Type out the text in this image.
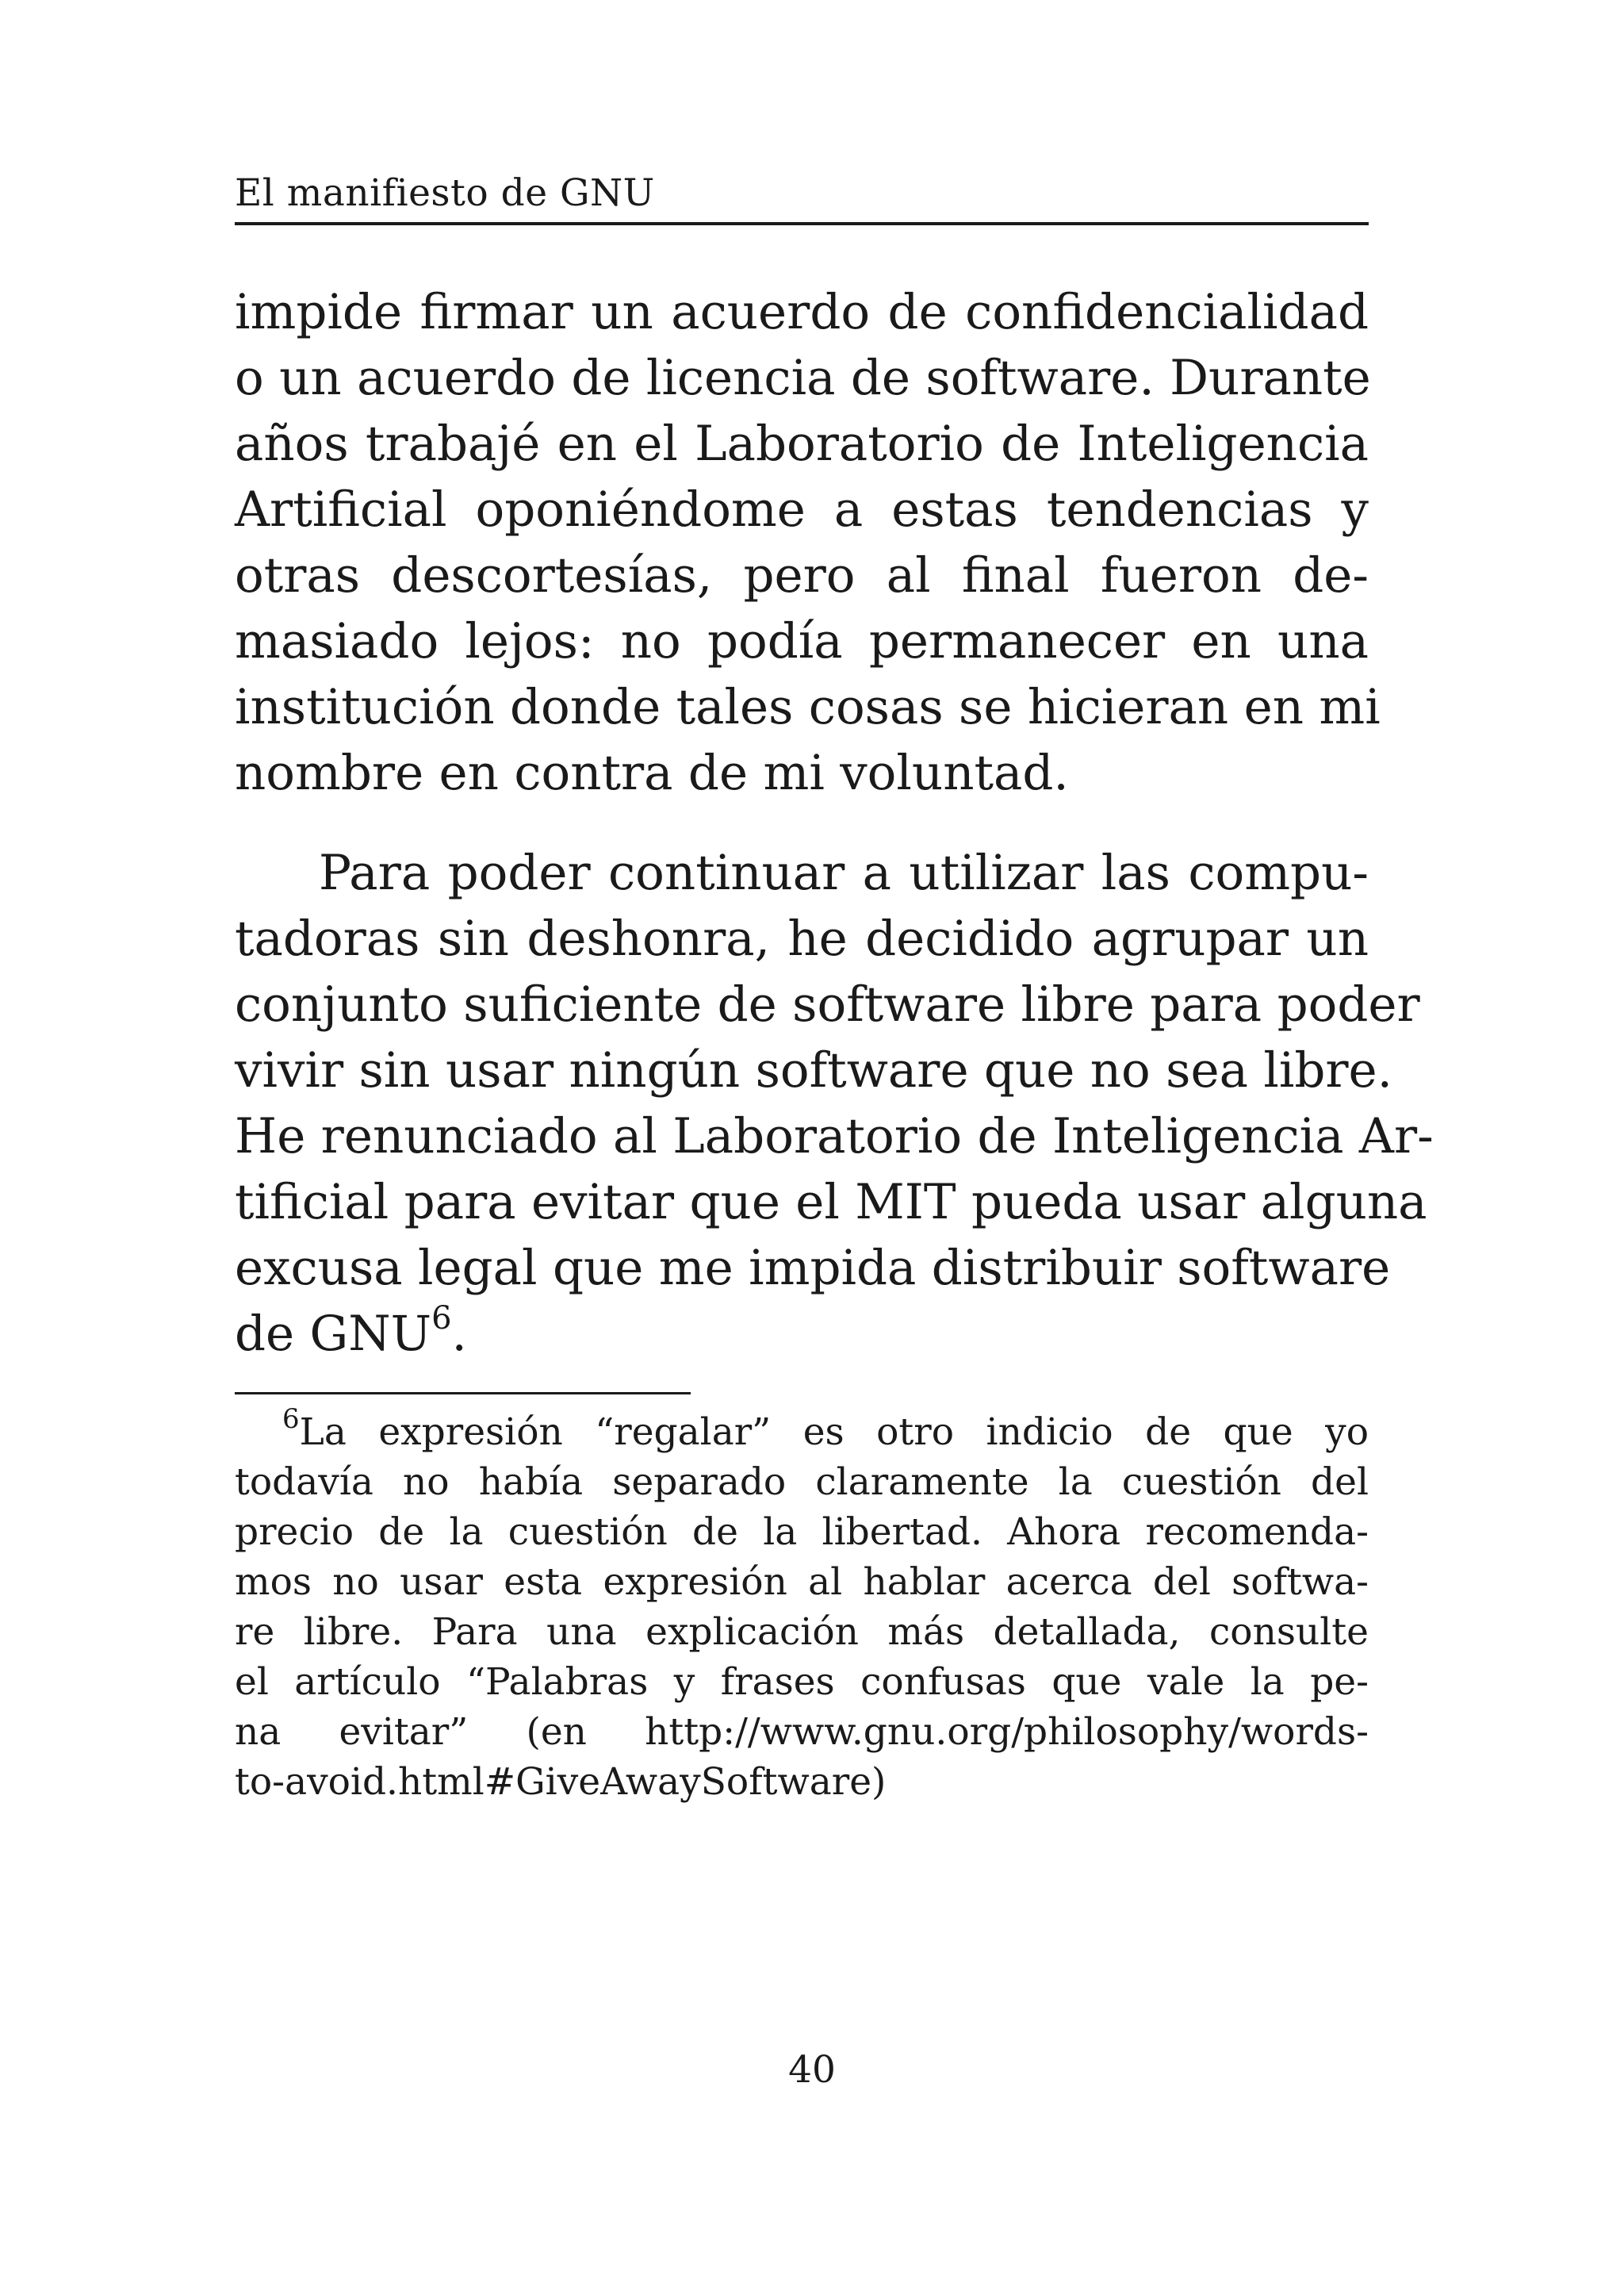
El manifiesto de GNU
impide firmar un acuerdo de confidencialidad
o un acuerdo de licencia de software. Durante
años trabajé en el Laboratorio de Inteligencia
Artificial oponiéndome a estas tendencias y
otras descortesías, pero al final fueron de-
masiado lejos: no podía permanecer en una
institución donde tales cosas se hicieran en mi
nombre en contra de mi voluntad.
Para poder continuar a utilizar las compu-
tadoras sin deshonra, he decidido agrupar un
conjunto suficiente de software libre para poder
vivir sin usar ningún software que no sea libre.
He renunciado al Laboratorio de Inteligencia Ar-
tificial para evitar que el MIT pueda usar alguna
excusa legal que me impida distribuir software
de GNU$^6$.
$^6$La expresión “regalar” es otro indicio de que yo
todavía no había separado claramente la cuestión del
precio de la cuestión de la libertad. Ahora recomenda-
mos no usar esta expresión al hablar acerca del softwa-
re libre. Para una explicación más detallada, consulte
el artículo “Palabras y frases confusas que vale la pe-
na evitar” (en http://www.gnu.org/philosophy/words-
to-avoid.html#GiveAwaySoftware)
40
